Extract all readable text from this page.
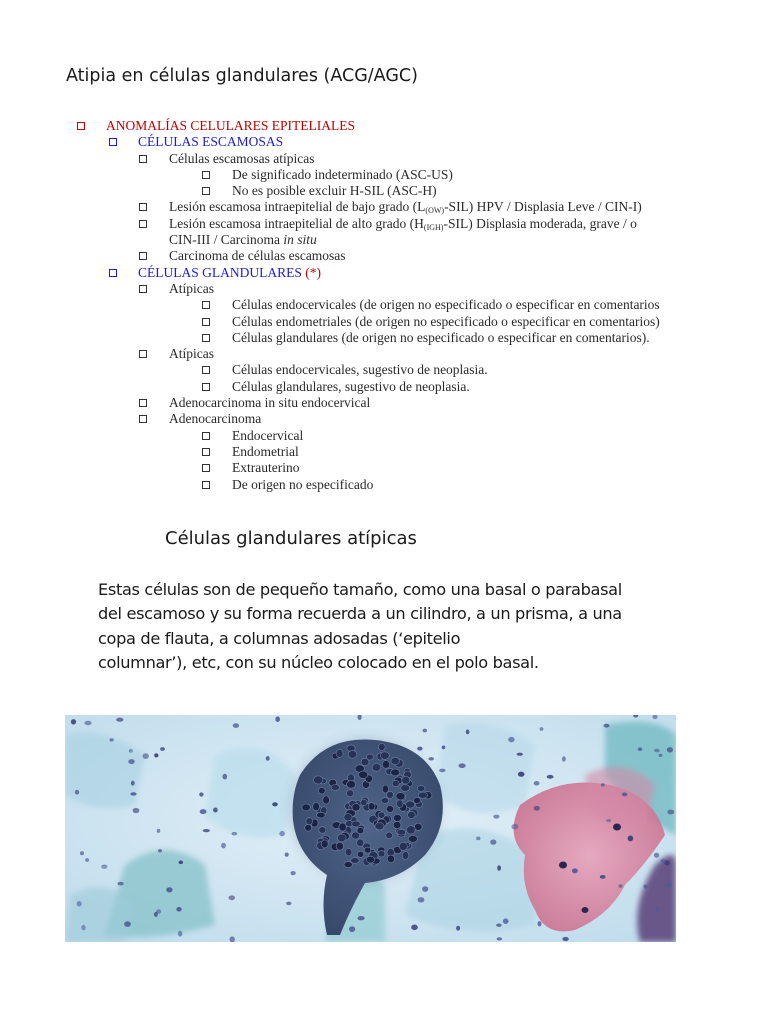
Atipia en células glandulares (ACG/AGC)
ANOMALÍAS CELULARES EPITELIALES
CÉLULAS ESCAMOSAS
Células escamosas atípicas
De significado indeterminado (ASC-US)
No es posible excluir H-SIL (ASC-H)
Lesión escamosa intraepitelial de bajo grado $(L_{(OW)}-SIL)$ HPV / Displasia Leve / CIN-I)
Lesión escamosa intraepitelial de alto grado $(H_{(IGH)}-SIL)$ Displasia moderada, grave / o
CIN-III / Carcinoma in situ
Carcinoma de células escamosas
CÉLULAS GLANDULARES (*)
Atípicas
Células endocervicales (de origen no especificado o especificar en comentarios
Células endometriales (de origen no especificado o especificar en comentarios)
Células glandulares (de origen no especificado o especificar en comentarios).
Atípicas
Células endocervicales, sugestivo de neoplasia.
Células glandulares, sugestivo de neoplasia.
Adenocarcinoma in situ endocervical
Adenocarcinoma
Endocervical
Endometrial
Extrauterino
De origen no especificado
Células glandulares atípicas
Estas células son de pequeño tamaño, como una basal o parabasal
del escamoso y su forma recuerda a un cilindro, a un prisma, a una
copa de flauta, a columnas adosadas (‘epitelio
columnar’), etc, con su núcleo colocado en el polo basal.
